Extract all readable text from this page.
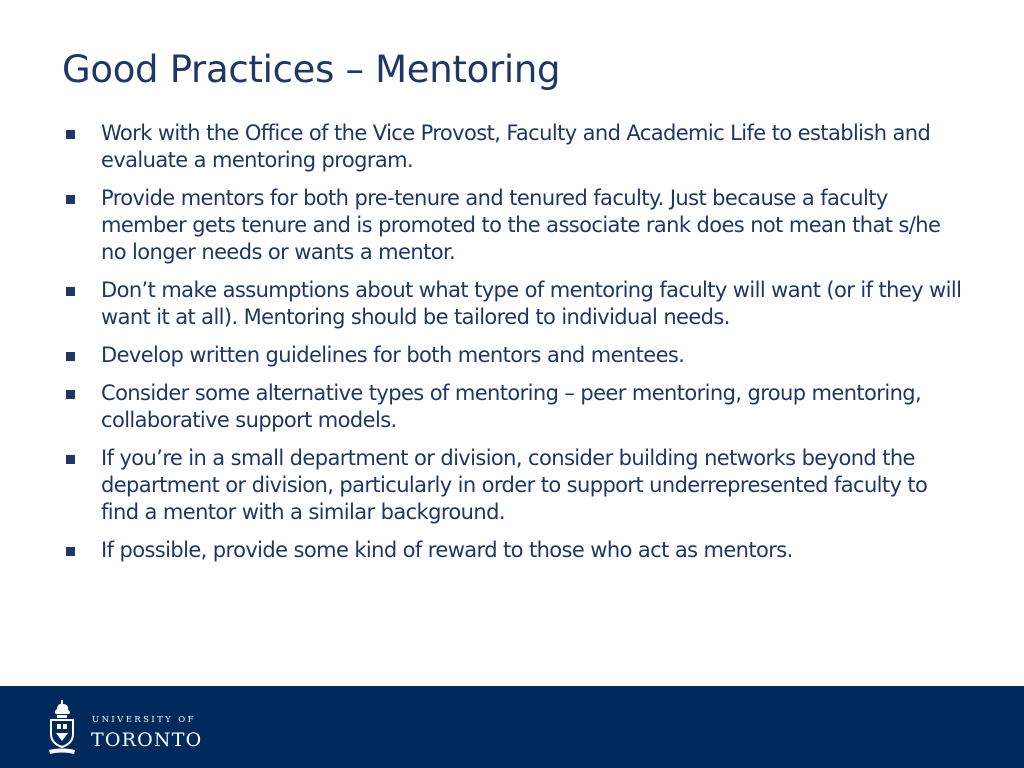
Good Practices – Mentoring
Work with the Office of the Vice Provost, Faculty and Academic Life to establish and evaluate a mentoring program.
Provide mentors for both pre-tenure and tenured faculty. Just because a faculty member gets tenure and is promoted to the associate rank does not mean that s/he no longer needs or wants a mentor.
Don’t make assumptions about what type of mentoring faculty will want (or if they will want it at all). Mentoring should be tailored to individual needs.
Develop written guidelines for both mentors and mentees.
Consider some alternative types of mentoring – peer mentoring, group mentoring, collaborative support models.
If you’re in a small department or division, consider building networks beyond the department or division, particularly in order to support underrepresented faculty to find a mentor with a similar background.
If possible, provide some kind of reward to those who act as mentors.
UNIVERSITY OF
TORONTO
